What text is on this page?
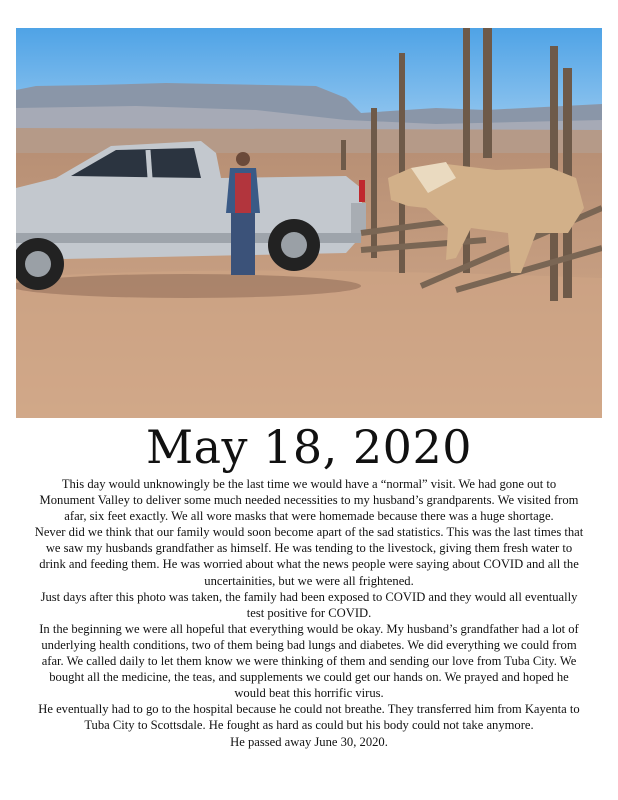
May 18, 2020

This day would unknowingly be the last time we would have a “normal” visit. We had gone out to Monument Valley to deliver some much needed necessities to my husband’s grandparents. We visited from afar, six feet exactly. We all wore masks that were homemade because there was a huge shortage.

Never did we think that our family would soon become apart of the sad statistics. This was the last times that we saw my husbands grandfather as himself. He was tending to the livestock, giving them fresh water to drink and feeding them. He was worried about what the news people were saying about COVID and all the uncertainities, but we were all frightened.

Just days after this photo was taken, the family had been exposed to COVID and they would all eventually test positive for COVID.

In the beginning we were all hopeful that everything would be okay. My husband’s grandfather had a lot of underlying health conditions, two of them being bad lungs and diabetes. We did everything we could from afar. We called daily to let them know we were thinking of them and sending our love from Tuba City. We bought all the medicine, the teas, and supplements we could get our hands on. We prayed and hoped he would beat this horrific virus.

He eventually had to go to the hospital because he could not breathe. They transferred him from Kayenta to Tuba City to Scottsdale. He fought as hard as could but his body could not take anymore.

He passed away June 30, 2020.
